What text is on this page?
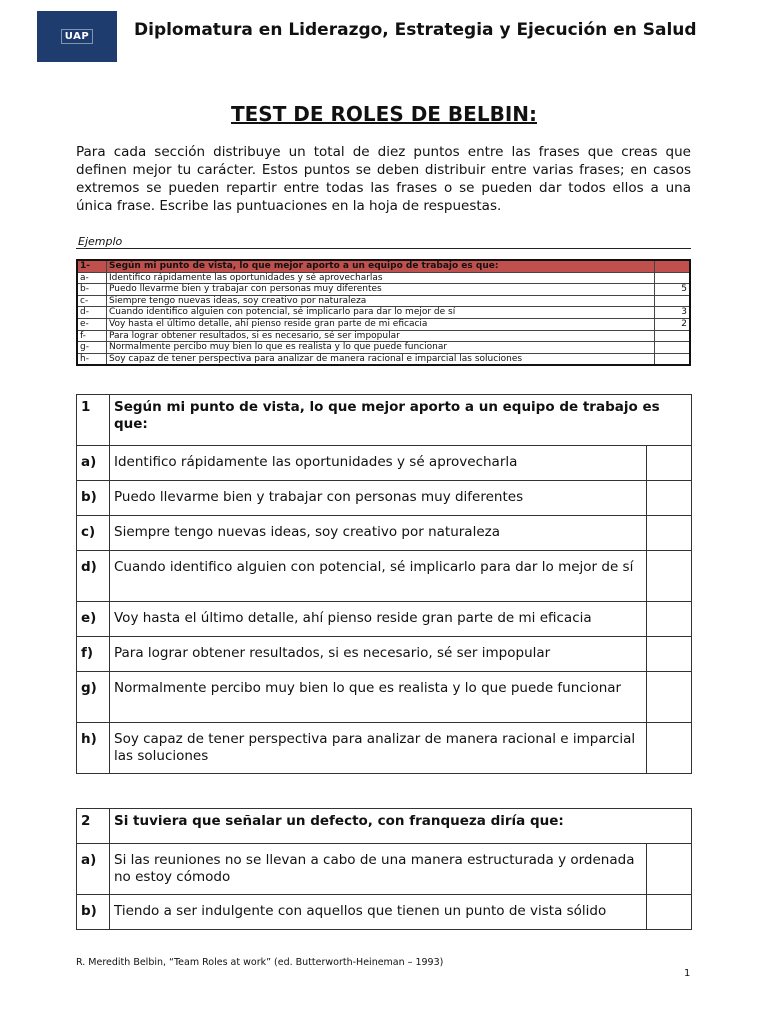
UAP	Diplomatura en Liderazgo, Estrategia y Ejecución en Salud
TEST DE ROLES DE BELBIN:

Para cada sección distribuye un total de diez puntos entre las frases que creas que definen mejor tu carácter. Estos puntos se deben distribuir entre varias frases; en casos extremos se pueden repartir entre todas las frases o se pueden dar todos ellos a una única frase. Escribe las puntuaciones en la hoja de respuestas.

Ejemplo
1-	Según mi punto de vista, lo que mejor aporto a un equipo de trabajo es que:	
a-	Identifico rápidamente las oportunidades y sé aprovecharlas	
b-	Puedo llevarme bien y trabajar con personas muy diferentes	5
c-	Siempre tengo nuevas ideas, soy creativo por naturaleza	
d-	Cuando identifico alguien con potencial, sé implicarlo para dar lo mejor de sí	3
e-	Voy hasta el último detalle, ahí pienso reside gran parte de mi eficacia	2
f-	Para lograr obtener resultados, si es necesario, sé ser impopular	
g-	Normalmente percibo muy bien lo que es realista y lo que puede funcionar	
h-	Soy capaz de tener perspectiva para analizar de manera racional e imparcial las soluciones	
1	Según mi punto de vista, lo que mejor aporto a un equipo de trabajo es que:	
a)	Identifico rápidamente las oportunidades y sé aprovecharla	
b)	Puedo llevarme bien y trabajar con personas muy diferentes	
c)	Siempre tengo nuevas ideas, soy creativo por naturaleza	
d)	Cuando identifico alguien con potencial, sé implicarlo para dar lo mejor de sí	
e)	Voy hasta el último detalle, ahí pienso reside gran parte de mi eficacia	
f)	Para lograr obtener resultados, si es necesario, sé ser impopular	
g)	Normalmente percibo muy bien lo que es realista y lo que puede funcionar	
h)	Soy capaz de tener perspectiva para analizar de manera racional e imparcial las soluciones	
2	Si tuviera que señalar un defecto, con franqueza diría que:	
a)	Si las reuniones no se llevan a cabo de una manera estructurada y ordenada no estoy cómodo	
b)	Tiendo a ser indulgente con aquellos que tienen un punto de vista sólido	
R. Meredith Belbin, “Team Roles at work” (ed. Butterworth-Heineman – 1993)
1
